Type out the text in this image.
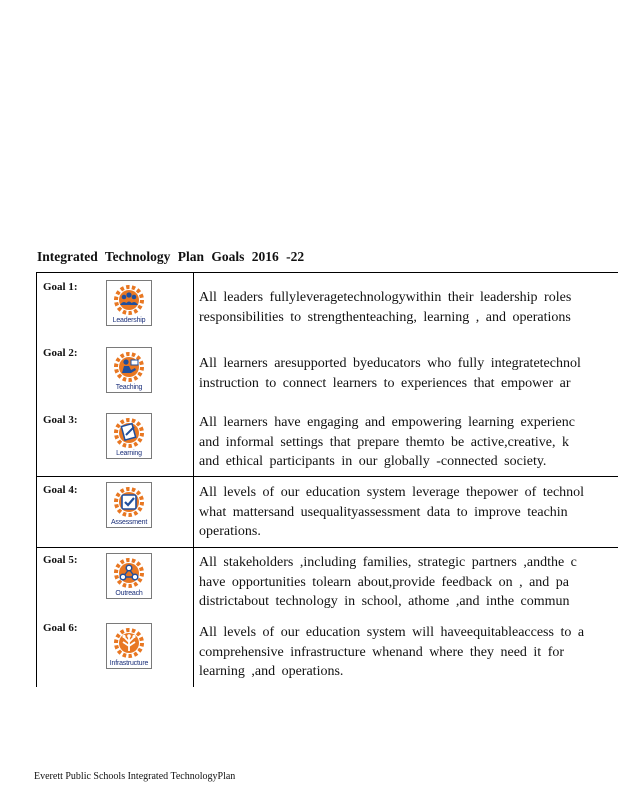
Integrated Technology Plan Goals 2016 -22
Goal 1:
Leadership
All leaders fullyleveragetechnologywithin their leadership roles
responsibilities to strengthenteaching, learning , and operations
Goal 2:
Teaching
All learners aresupported byeducators who fully integratetechnol
instruction to connect learners to experiences that empower ar
Goal 3:
Learning
All learners have engaging and empowering learning experienc
and informal settings that prepare themto be active,creative, k
and ethical participants in our globally -connected society.
Goal 4:
Assessment
All levels of our education system leverage thepower of technol
what mattersand usequalityassessment data to improve teachin
operations.
Goal 5:
Outreach
All stakeholders ,including families, strategic partners ,andthe c
have opportunities tolearn about,provide feedback on , and pa
districtabout technology in school, athome ,and inthe commun
Goal 6:
Infrastructure
All levels of our education system will haveequitableaccess to a
comprehensive infrastructure whenand where they need it for
learning ,and operations.
Everett Public Schools Integrated TechnologyPlan
